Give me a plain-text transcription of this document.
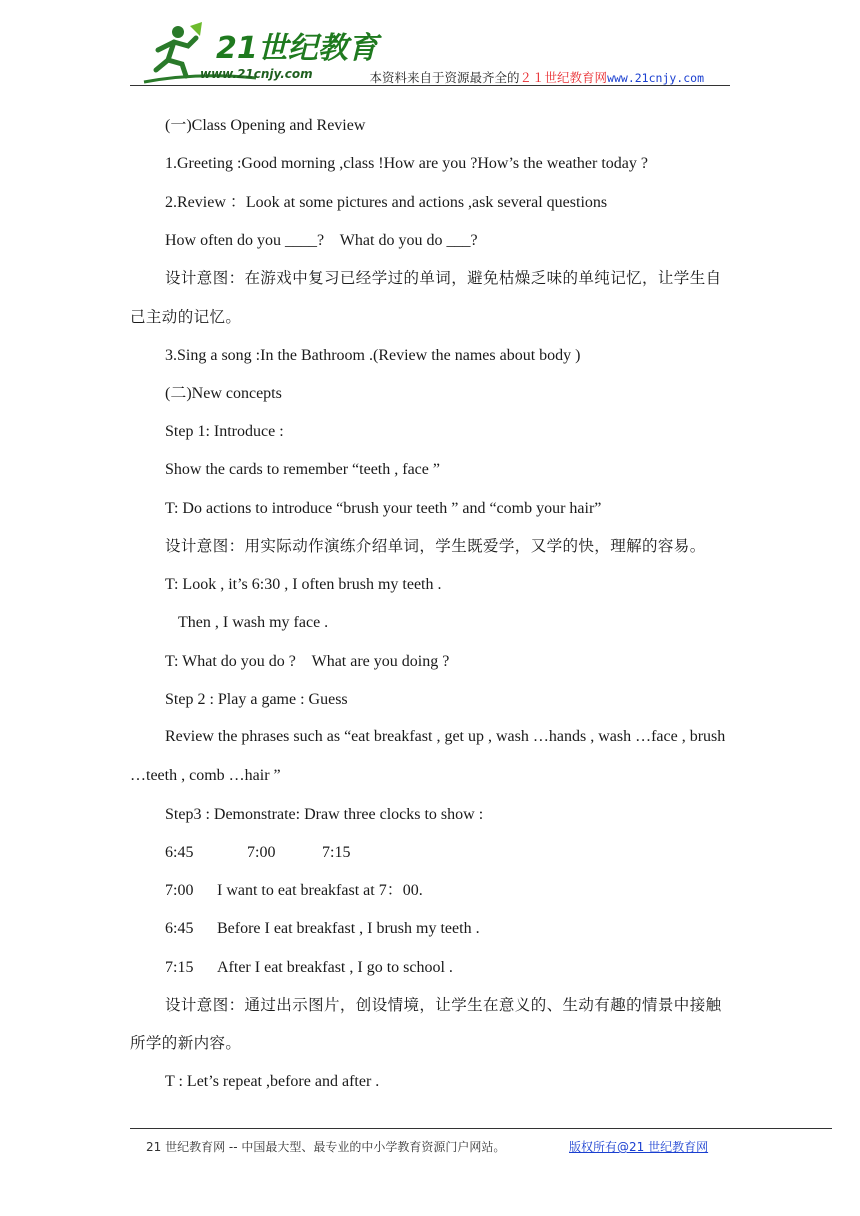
21世纪教育
www.21cnjy.com	本资料来自于资源最齐全的２１世纪教育网www.21cnjy.com
(一)Class Opening and Review
1.Greeting :Good morning ,class !How are you ?How’s the weather today ?
2.Review ：Look at some pictures and actions ,ask several questions
How often do you ____?    What do you do ___?
设计意图：在游戏中复习已经学过的单词，避免枯燥乏味的单纯记忆，让学生自己主动的记忆。
3.Sing a song :In the Bathroom .(Review the names about body )
(二)New concepts
Step 1: Introduce :
Show the cards to remember “teeth , face ”
T: Do actions to introduce “brush your teeth ” and “comb your hair”
设计意图：用实际动作演练介绍单词，学生既爱学，又学的快，理解的容易。
T: Look , it’s 6:30 , I often brush my teeth .
Then , I wash my face .
T: What do you do ?    What are you doing ?
Step 2 : Play a game : Guess
Review the phrases such as “eat breakfast , get up , wash …hands , wash …face , brush …teeth , comb …hair ”
Step3 : Demonstrate: Draw three clocks to show :
6:45	7:00	7:15
7:00 I want to eat breakfast at 7：00.
6:45 Before I eat breakfast , I brush my teeth .
7:15 After I eat breakfast , I go to school .
设计意图：通过出示图片，创设情境，让学生在意义的、生动有趣的情景中接触所学的新内容。
T : Let’s repeat ,before and after .
21 世纪教育网 -- 中国最大型、最专业的中小学教育资源门户网站。	版权所有@21 世纪教育网
